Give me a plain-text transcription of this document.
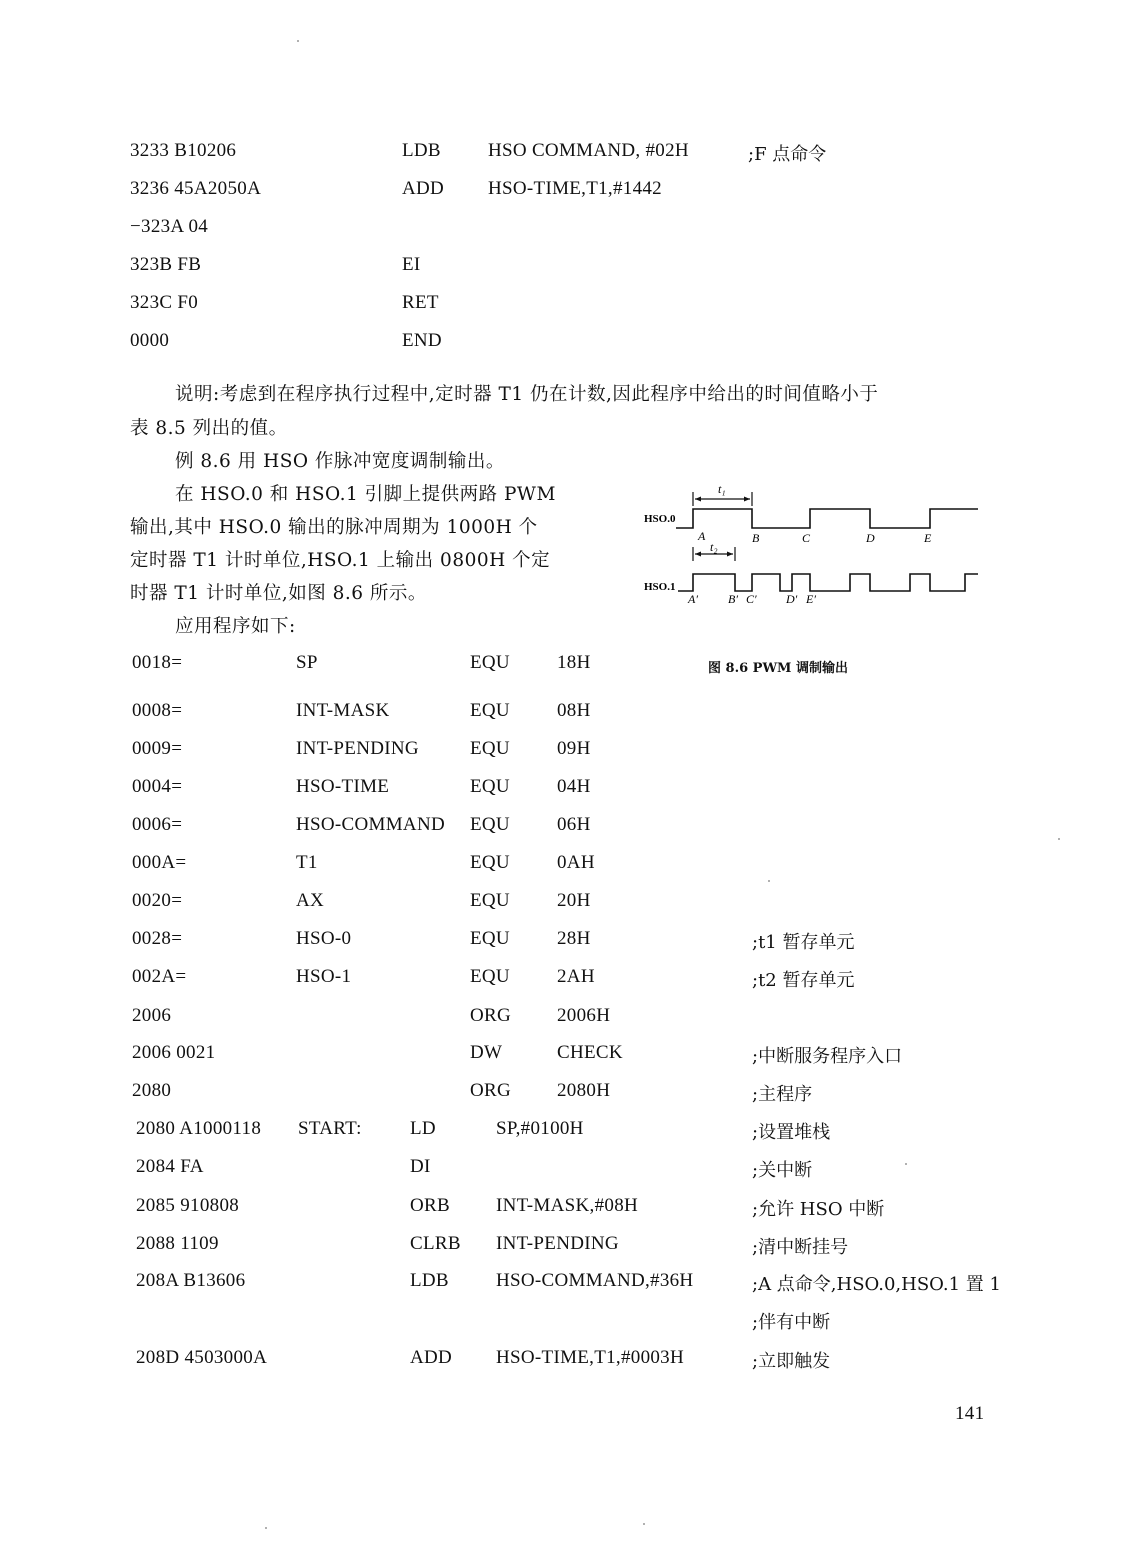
3233 B10206	LDB HSO COMMAND, #02H	;F 点命令
3236 45A2050A	ADD HSO-TIME,T1,#1442
−323A 04
323B FB	EI
323C F0	RET
0000	END
说明:考虑到在程序执行过程中,定时器 T1 仍在计数,因此程序中给出的时间值略小于
表 8.5 列出的值。
例 8.6 用 HSO 作脉冲宽度调制输出。
在 HSO.0 和 HSO.1 引脚上提供两路 PWM
输出,其中 HSO.0 输出的脉冲周期为 1000H 个
定时器 T1 计时单位,HSO.1 上输出 0800H 个定
时器 T1 计时单位,如图 8.6 所示。
应用程序如下:
t₁
HSO.0
A	B	C	D	E
t₂
HSO.1
A′	B′ C′ D′ E′
图 8.6 PWM 调制输出
0018=	SP	EQU 18H
0008=	INT-MASK	EQU 08H
0009=	INT-PENDING	EQU 09H
0004=	HSO-TIME	EQU 04H
0006=	HSO-COMMAND EQU 06H
000A=	T1	EQU 0AH
0020=	AX	EQU 20H
0028=	HSO-0	EQU 28H	;t1 暂存单元
002A=	HSO-1	EQU 2AH	;t2 暂存单元
2006	ORG 2006H
2006 0021	DW	CHECK	;中断服务程序入口
2080	ORG 2080H	;主程序
2080 A1000118 START:	LD	SP,#0100H	;设置堆栈
2084 FA	DI	;关中断
2085 910808	ORB INT-MASK,#08H	;允许 HSO 中断
2088 1109	CLRB INT-PENDING	;清中断挂号
208A B13606	LDB HSO-COMMAND,#36H	;A 点命令,HSO.0,HSO.1 置 1
;伴有中断
208D 4503000A	ADD HSO-TIME,T1,#0003H	;立即触发
141
